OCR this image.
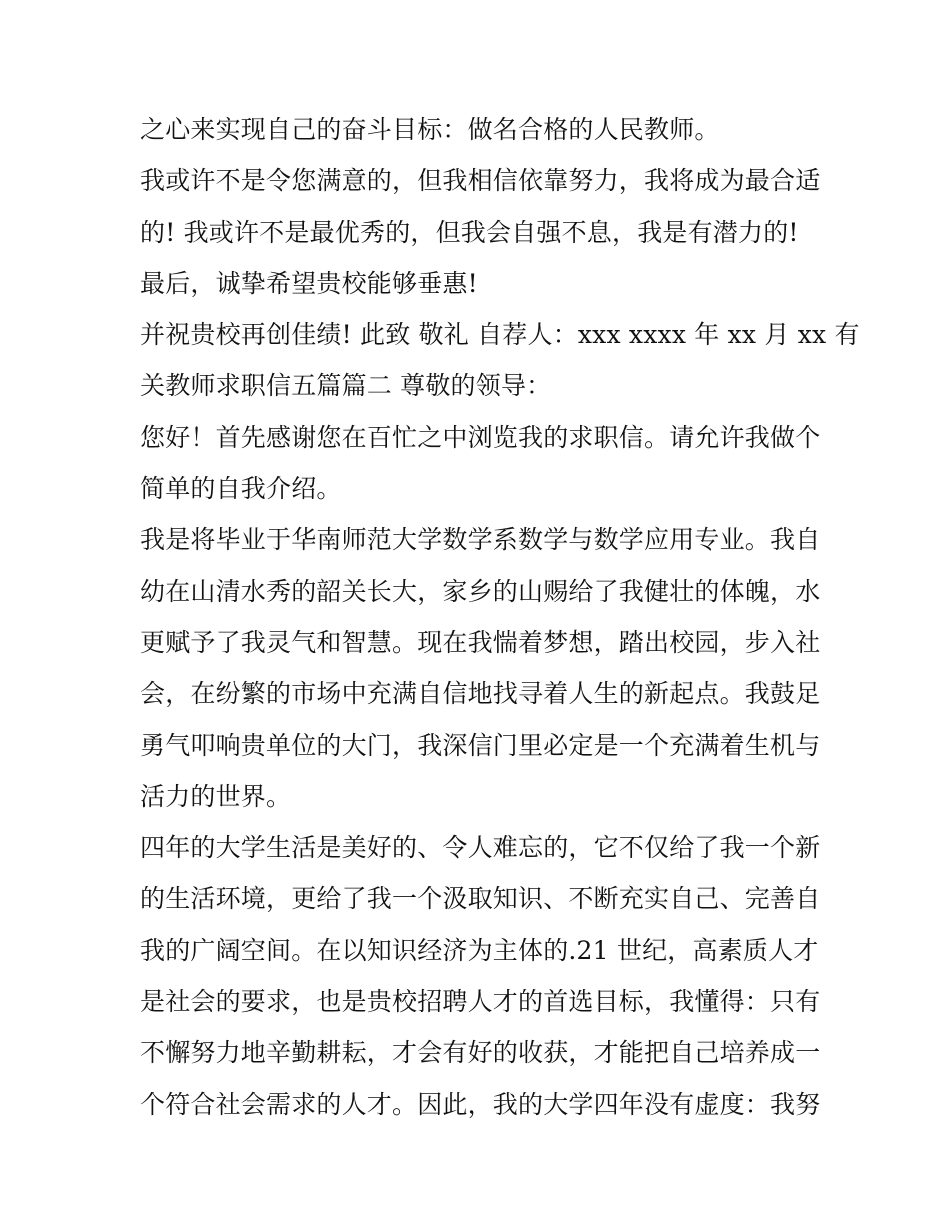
之心来实现自己的奋斗目标：做名合格的人民教师。
我或许不是令您满意的，但我相信依靠努力，我将成为最合适
的! 我或许不是最优秀的，但我会自强不息，我是有潜力的!
最后，诚挚希望贵校能够垂惠!
并祝贵校再创佳绩! 此致 敬礼 自荐人：xxx xxxx 年 xx 月 xx 有
关教师求职信五篇篇二 尊敬的领导：
您好！首先感谢您在百忙之中浏览我的求职信。请允许我做个
简单的自我介绍。
我是将毕业于华南师范大学数学系数学与数学应用专业。我自
幼在山清水秀的韶关长大，家乡的山赐给了我健壮的体魄，水
更赋予了我灵气和智慧。现在我惴着梦想，踏出校园，步入社
会，在纷繁的市场中充满自信地找寻着人生的新起点。我鼓足
勇气叩响贵单位的大门，我深信门里必定是一个充满着生机与
活力的世界。
四年的大学生活是美好的、令人难忘的，它不仅给了我一个新
的生活环境，更给了我一个汲取知识、不断充实自己、完善自
我的广阔空间。在以知识经济为主体的.21 世纪，高素质人才
是社会的要求，也是贵校招聘人才的首选目标，我懂得：只有
不懈努力地辛勤耕耘，才会有好的收获，才能把自己培养成一
个符合社会需求的人才。因此，我的大学四年没有虚度：我努
